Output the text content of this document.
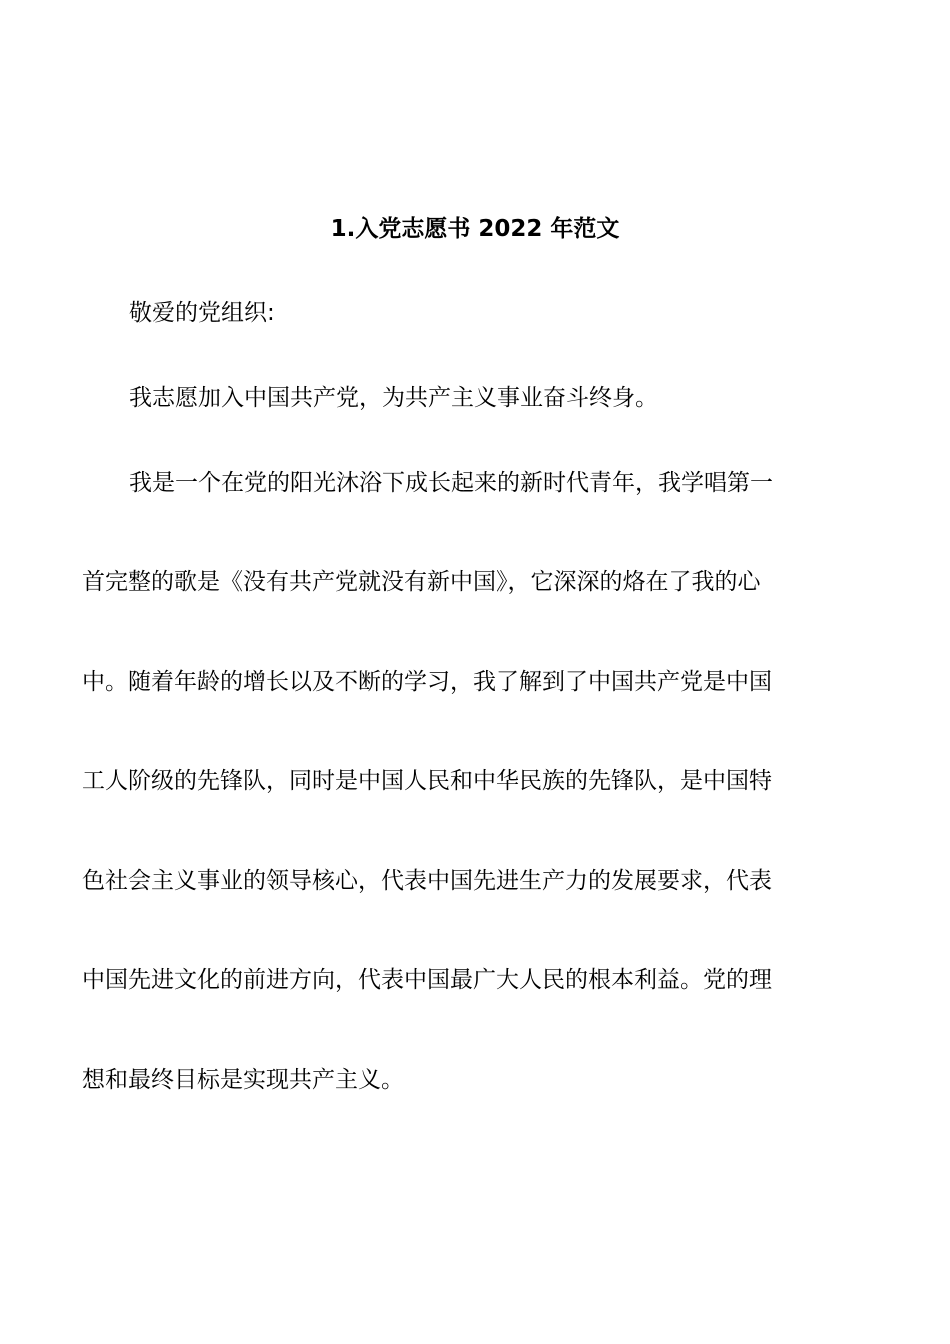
1.入党志愿书 2022 年范文
敬爱的党组织:
我志愿加入中国共产党，为共产主义事业奋斗终身。
我是一个在党的阳光沐浴下成长起来的新时代青年，我学唱第一
首完整的歌是《没有共产党就没有新中国》，它深深的烙在了我的心
中。随着年龄的增长以及不断的学习，我了解到了中国共产党是中国
工人阶级的先锋队，同时是中国人民和中华民族的先锋队，是中国特
色社会主义事业的领导核心，代表中国先进生产力的发展要求，代表
中国先进文化的前进方向，代表中国最广大人民的根本利益。党的理
想和最终目标是实现共产主义。
